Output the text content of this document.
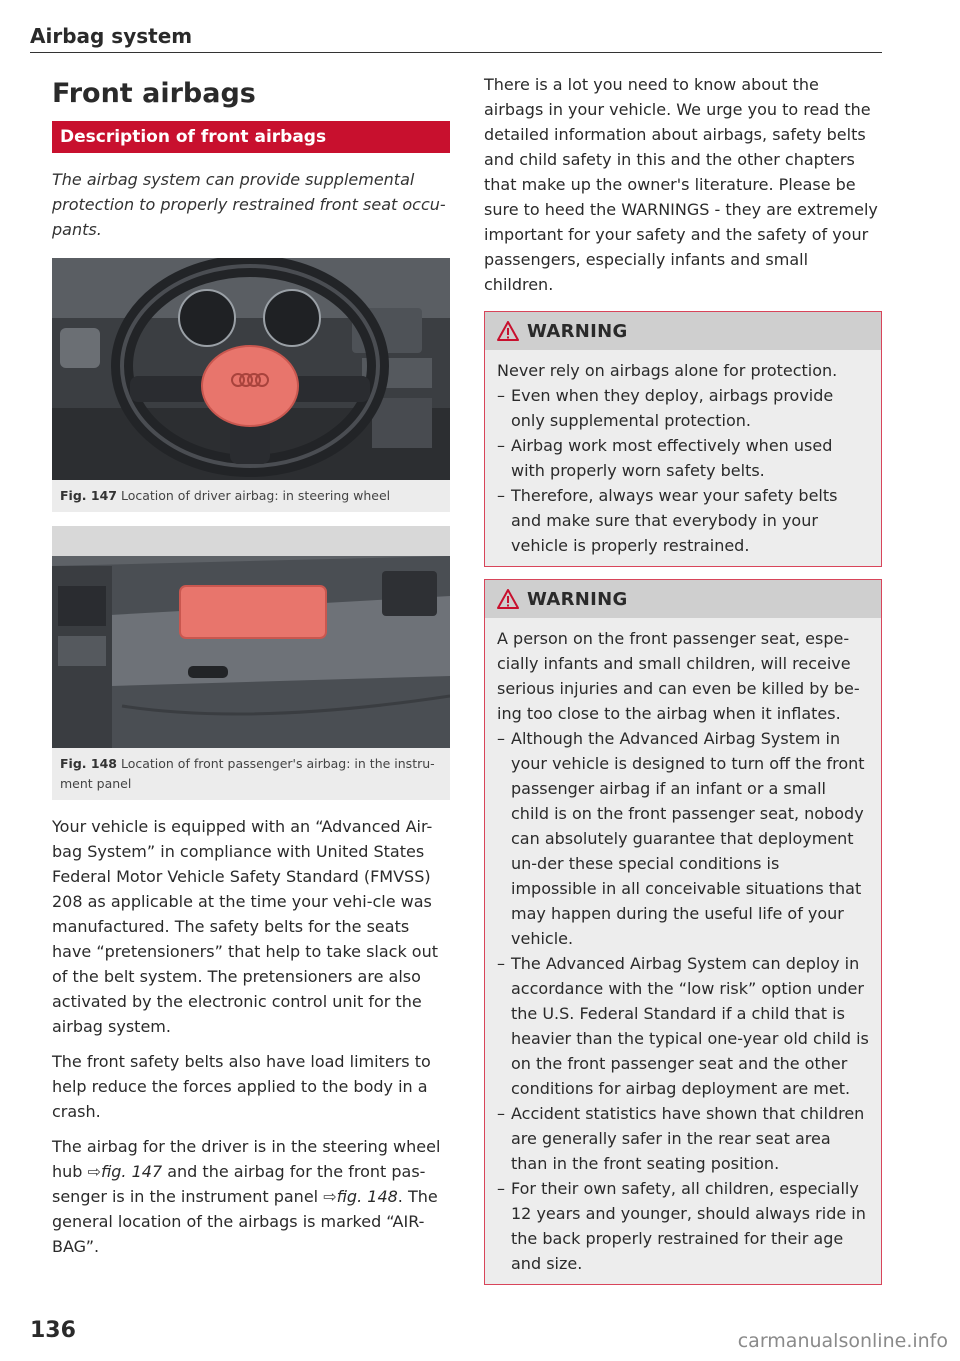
Airbag system
Front airbags
Description of front airbags

The airbag system can provide supplemental protection to properly restrained front seat occu-pants.

Fig. 147 Location of driver airbag: in steering wheel
Fig. 148 Location of front passenger's airbag: in the instru-ment panel

Your vehicle is equipped with an “Advanced Air-bag System” in compliance with United States Federal Motor Vehicle Safety Standard (FMVSS) 208 as applicable at the time your vehi-cle was manufactured. The safety belts for the seats have “pretensioners” that help to take slack out of the belt system. The pretensioners are also activated by the electronic control unit for the airbag system.

The front safety belts also have load limiters to help reduce the forces applied to the body in a crash.

The airbag for the driver is in the steering wheel hub ⇨fig. 147 and the airbag for the front pas-senger is in the instrument panel ⇨fig. 148. The general location of the airbags is marked “AIR-BAG”.

There is a lot you need to know about the airbags in your vehicle. We urge you to read the detailed information about airbags, safety belts and child safety in this and the other chapters that make up the owner's literature. Please be sure to heed the WARNINGS - they are extremely important for your safety and the safety of your passengers, especially infants and small children.

WARNING

Never rely on airbags alone for protection.

– Even when they deploy, airbags provide only supplemental protection.
– Airbag work most effectively when used with properly worn safety belts.
– Therefore, always wear your safety belts and make sure that everybody in your vehicle is properly restrained.
WARNING

A person on the front passenger seat, espe-cially infants and small children, will receive serious injuries and can even be killed by be-ing too close to the airbag when it inflates.

– Although the Advanced Airbag System in your vehicle is designed to turn off the front passenger airbag if an infant or a small child is on the front passenger seat, nobody can absolutely guarantee that deployment un-der these special conditions is impossible in all conceivable situations that may happen during the useful life of your vehicle.
– The Advanced Airbag System can deploy in accordance with the “low risk” option under the U.S. Federal Standard if a child that is heavier than the typical one-year old child is on the front passenger seat and the other conditions for airbag deployment are met.
– Accident statistics have shown that children are generally safer in the rear seat area than in the front seating position.
– For their own safety, all children, especially 12 years and younger, should always ride in the back properly restrained for their age and size.
136	carmanualsonline.info
